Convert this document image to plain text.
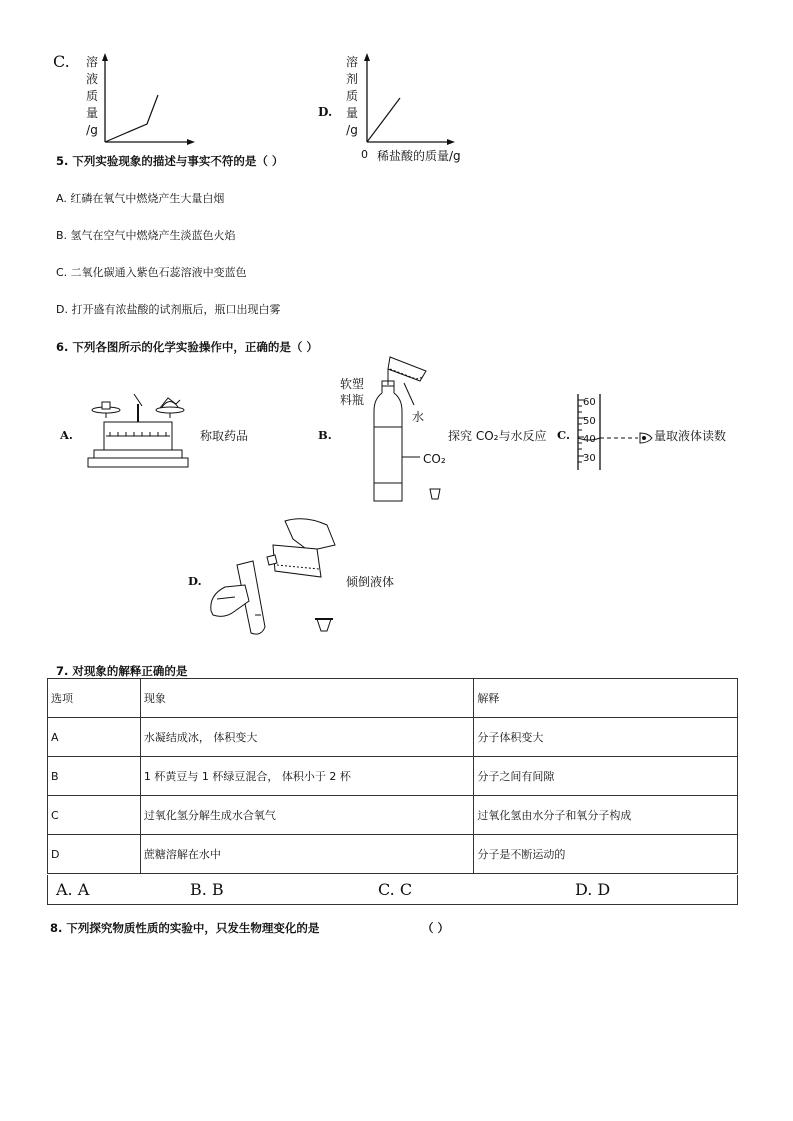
C. 溶
液
质
量
/g
D.
溶
剂
质
量
/g
0 稀盐酸的质量/g
5. 下列实验现象的描述与事实不符的是（ ）
A. 红磷在氧气中燃烧产生大量白烟
B. 氢气在空气中燃烧产生淡蓝色火焰
C. 二氧化碳通入紫色石蕊溶液中变蓝色
D. 打开盛有浓盐酸的试剂瓶后，瓶口出现白雾
6. 下列各图所示的化学实验操作中，正确的是（ ）
A.	称取药品	B.
软塑
料瓶
水
CO₂
探究 CO₂与水反应 C.
60
50
40
30
量取液体读数
D.	倾倒液体
7. 对现象的解释正确的是
选项	现象	解释
A	水凝结成冰， 体积变大	分子体积变大
B	1 杯黄豆与 1 杯绿豆混合， 体积小于 2 杯	分子之间有间隙
C	过氧化氢分解生成水合氧气	过氧化氢由水分子和氧分子构成
D	蔗糖溶解在水中	分子是不断运动的
A. A	B. B	C. C	D. D
8. 下列探究物质性质的实验中，只发生物理变化的是	（ ）
